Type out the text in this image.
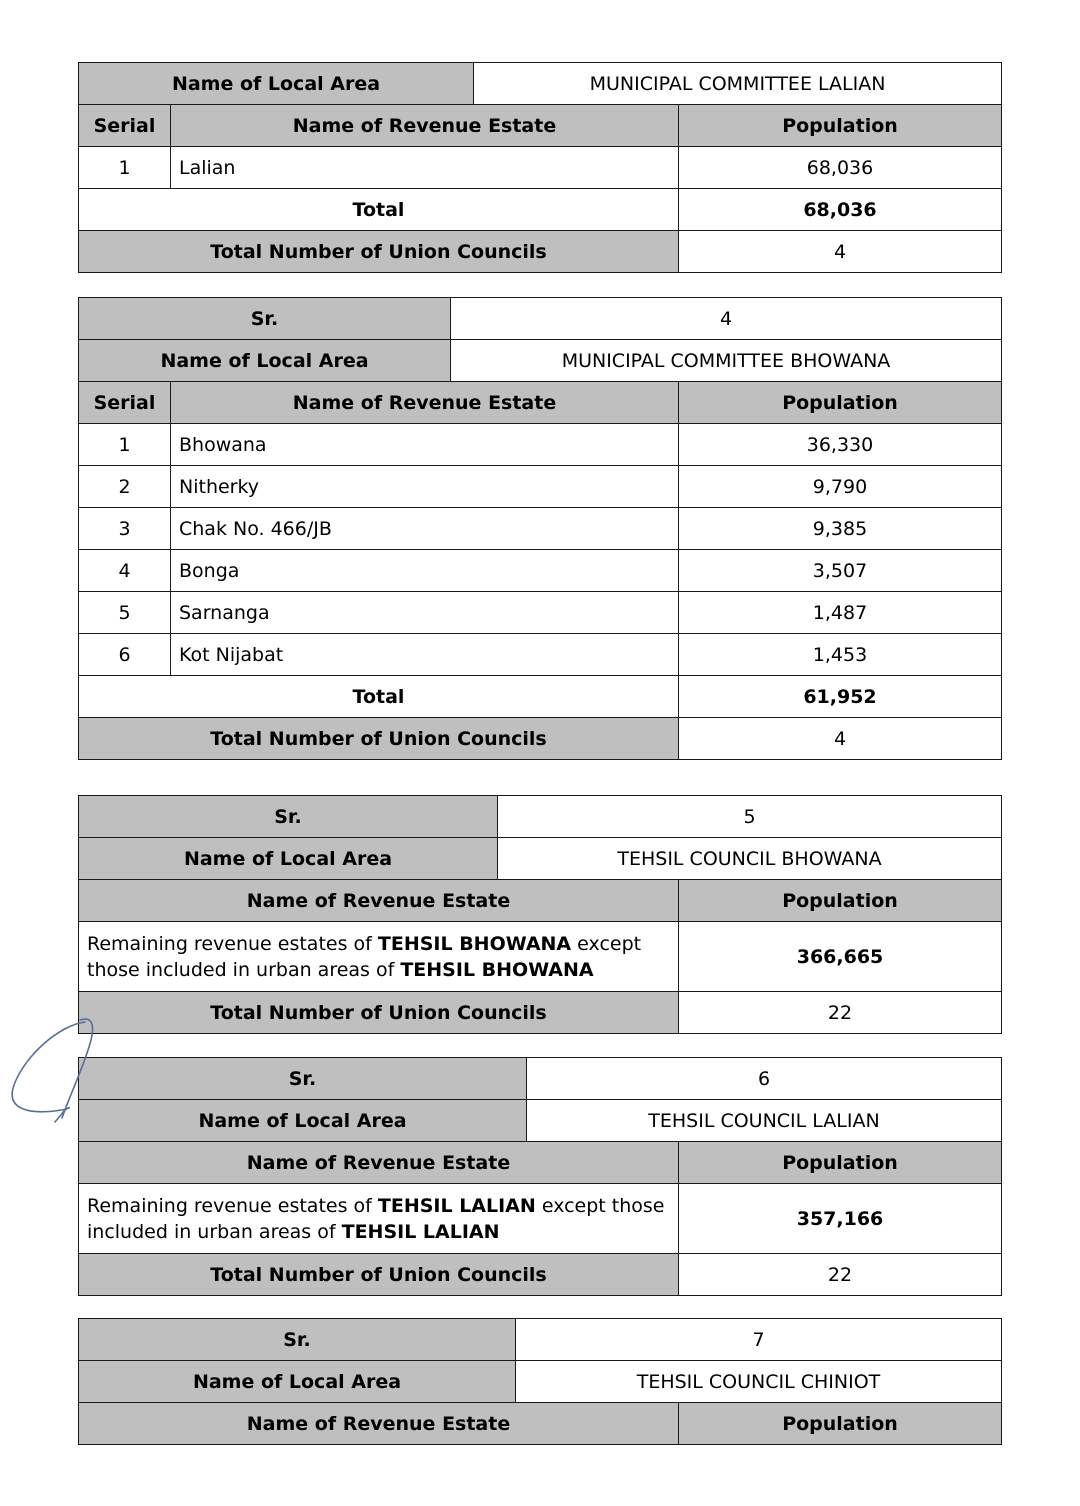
Name of Local Area	MUNICIPAL COMMITTEE LALIAN
Serial	Name of Revenue Estate	Population
1	Lalian	68,036
Total		68,036
Total Number of Union Councils		4
Sr.	4
Name of Local Area	MUNICIPAL COMMITTEE BHOWANA
Serial	Name of Revenue Estate	Population
1	Bhowana	36,330
2	Nitherky	9,790
3	Chak No. 466/JB	9,385
4	Bonga	3,507
5	Sarnanga	1,487
6	Kot Nijabat	1,453
Total		61,952
Total Number of Union Councils		4
Sr.	5
Name of Local Area	TEHSIL COUNCIL BHOWANA
Name of Revenue Estate	Population
Remaining revenue estates of TEHSIL BHOWANA except those included in urban areas of TEHSIL BHOWANA	366,665
Total Number of Union Councils	22
Sr.	6
Name of Local Area	TEHSIL COUNCIL LALIAN
Name of Revenue Estate	Population
Remaining revenue estates of TEHSIL LALIAN except those included in urban areas of TEHSIL LALIAN	357,166
Total Number of Union Councils	22
Sr.	7
Name of Local Area	TEHSIL COUNCIL CHINIOT
Name of Revenue Estate	Population
